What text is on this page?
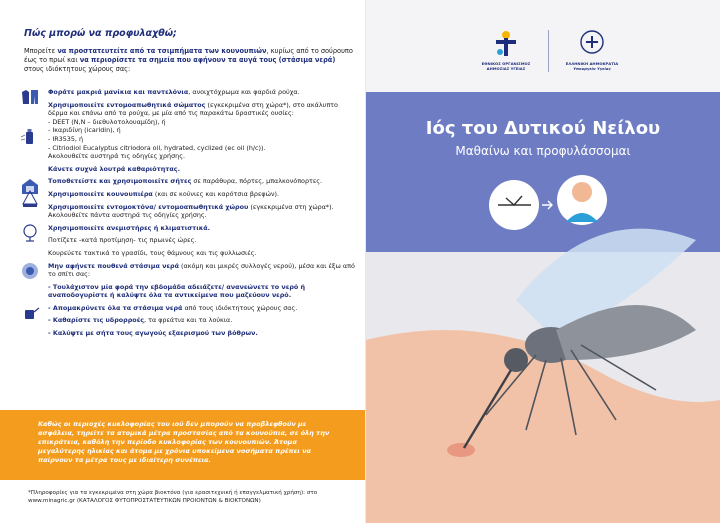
Πώς μπορώ να προφυλαχθώ;
Μπορείτε να προστατευτείτε από τα τσιμπήματα των κουνουπιών, κυρίως από το σούρουπο έως το πρωί και να περιορίσετε τα σημεία που αφήνουν τα αυγά τους (στάσιμα νερά) στους ιδιόκτητους χώρους σας:
Φοράτε μακριά μανίκια και παντελόνια, ανοιχτόχρωμα και φαρδιά ρούχα.
Χρησιμοποιείτε εντομοαπωθητικά σώματος (εγκεκριμένα στη χώρα*), στο ακάλυπτο δέρμα και επάνω από τα ρούχα, με μία από τις παρακάτω δραστικές ουσίες:
- DEET (N,N – διεθυλοτολουαμίδη), ή
- Ικαριδίνη (icaridin), ή
- IR3535, ή
- Citriodiol Eucalyptus citriodora oil, hydrated, cyclized (ec oil (h/c)).
Ακολουθείτε αυστηρά τις οδηγίες χρήσης.
Κάνετε συχνά λουτρά καθαριότητας.
Τοποθετείστε και χρησιμοποιείτε σήτες σε παράθυρα, πόρτες, μπαλκονόπορτες.
Χρησιμοποιείτε κουνουπιέρα (και σε κούνιες και καρότσια βρεφών).
Χρησιμοποιείτε εντομοκτόνα/ εντομοαπωθητικά χώρου (εγκεκριμένα στη χώρα*). Ακολουθείτε πάντα αυστηρά τις οδηγίες χρήσης.
Χρησιμοποιείτε ανεμιστήρες ή κλιματιστικά.
Ποτίζετε -κατά προτίμηση- τις πρωινές ώρες.
Κουρεύετε τακτικά το γρασίδι, τους θάμνους και τις φυλλωσιές.
Μην αφήνετε πουθενά στάσιμα νερά (ακόμη και μικρές συλλογές νερού), μέσα και έξω από το σπίτι σας:
- Τουλάχιστον μία φορά την εβδομάδα αδειάζετε/ ανανεώνετε το νερό ή αναποδογυρίστε ή καλύψτε όλα τα αντικείμενα που μαζεύουν νερό.
- Απομακρύνετε όλα τα στάσιμα νερά από τους ιδιόκτητους χώρους σας.
- Καθαρίστε τις υδρορροές, τα φρεάτια και τα λούκια.
- Καλύψτε με σήτα τους αγωγούς εξαερισμού των βόθρων.

Καθώς οι περιοχές κυκλοφορίας του ιού δεν μπορούν να προβλεφθούν με ασφάλεια, τηρείτε τα ατομικά μέτρα προστασίας από τα κουνούπια, σε όλη την επικράτεια, καθόλη την περίοδο κυκλοφορίας των κουνουπιών. Άτομα μεγαλύτερης ηλικίας και άτομα με χρόνια υποκείμενα νοσήματα πρέπει να παίρνουν τα μέτρα τους με ιδιαίτερη συνέπεια.

*Πληροφορίες για τα εγκεκριμένα στη χώρα βιοκτόνα (για ερασιτεχνική ή επαγγελματική χρήση): στο www.minagric.gr (ΚΑΤΑΛΟΓΟΣ ΦΥΤΟΠΡΟΣΤΑΤΕΥΤΙΚΩΝ ΠΡΟΙΟΝΤΩΝ & ΒΙΟΚΤΟΝΩΝ)
ΕΘΝΙΚΟΣ ΟΡΓΑΝΙΣΜΟΣ ΔΗΜΟΣΙΑΣ ΥΓΕΙΑΣ
ΕΛΛΗΝΙΚΗ ΔΗΜΟΚΡΑΤΙΑ
Υπουργείο Υγείας
Ιός του Δυτικού Νείλου
Μαθαίνω και προφυλάσσομαι
